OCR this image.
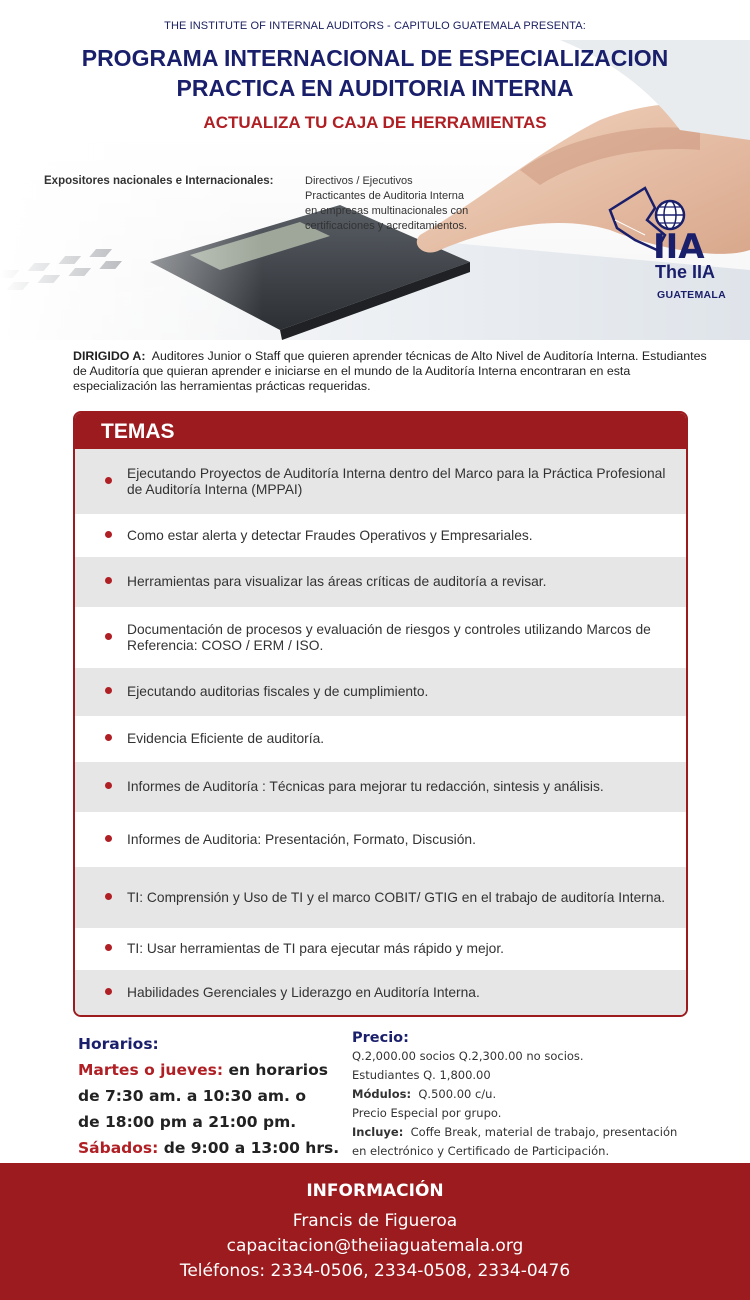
THE INSTITUTE OF INTERNAL AUDITORS - CAPITULO GUATEMALA PRESENTA:
PROGRAMA INTERNACIONAL DE ESPECIALIZACION
PRACTICA EN AUDITORIA INTERNA
ACTUALIZA TU CAJA DE HERRAMIENTAS
Expositores nacionales e Internacionales:	Directivos / Ejecutivos
Practicantes de Auditoria Interna
en empresas multinacionales con
certificaciones y acreditamientos.
IIA
The IIA
GUATEMALA
DIRIGIDO A: Auditores Junior o Staff que quieren aprender técnicas de Alto Nivel de Auditoría Interna. Estudiantes de Auditoría que quieran aprender e iniciarse en el mundo de la Auditoría Interna encontraran en esta especialización las herramientas prácticas requeridas.
TEMAS
Ejecutando Proyectos de Auditoría Interna dentro del Marco para la Práctica Profesional de Auditoría Interna (MPPAI)
Como estar alerta y detectar Fraudes Operativos y Empresariales.
Herramientas para visualizar las áreas críticas de auditoría a revisar.
Documentación de procesos y evaluación de riesgos y controles utilizando Marcos de Referencia: COSO / ERM / ISO.
Ejecutando auditorias fiscales y de cumplimiento.
Evidencia Eficiente de auditoría.
Informes de Auditoría : Técnicas para mejorar tu redacción, sintesis y análisis.
Informes de Auditoria: Presentación, Formato, Discusión.
TI: Comprensión y Uso de TI y el marco COBIT/ GTIG en el trabajo de auditoría Interna.
TI: Usar herramientas de TI para ejecutar más rápido y mejor.
Habilidades Gerenciales y Liderazgo en Auditoría Interna.
Horarios:
Martes o jueves: en horarios
de 7:30 am. a 10:30 am. o
de 18:00 pm a 21:00 pm.
Sábados: de 9:00 a 13:00 hrs.
Precio:
Q.2,000.00 socios Q.2,300.00 no socios.
Estudiantes Q. 1,800.00
Módulos: Q.500.00 c/u.
Precio Especial por grupo.
Incluye: Coffe Break, material de trabajo, presentación
en electrónico y Certificado de Participación.
INFORMACIÓN
Francis de Figueroa
capacitacion@theiiaguatemala.org
Teléfonos: 2334-0506, 2334-0508, 2334-0476
